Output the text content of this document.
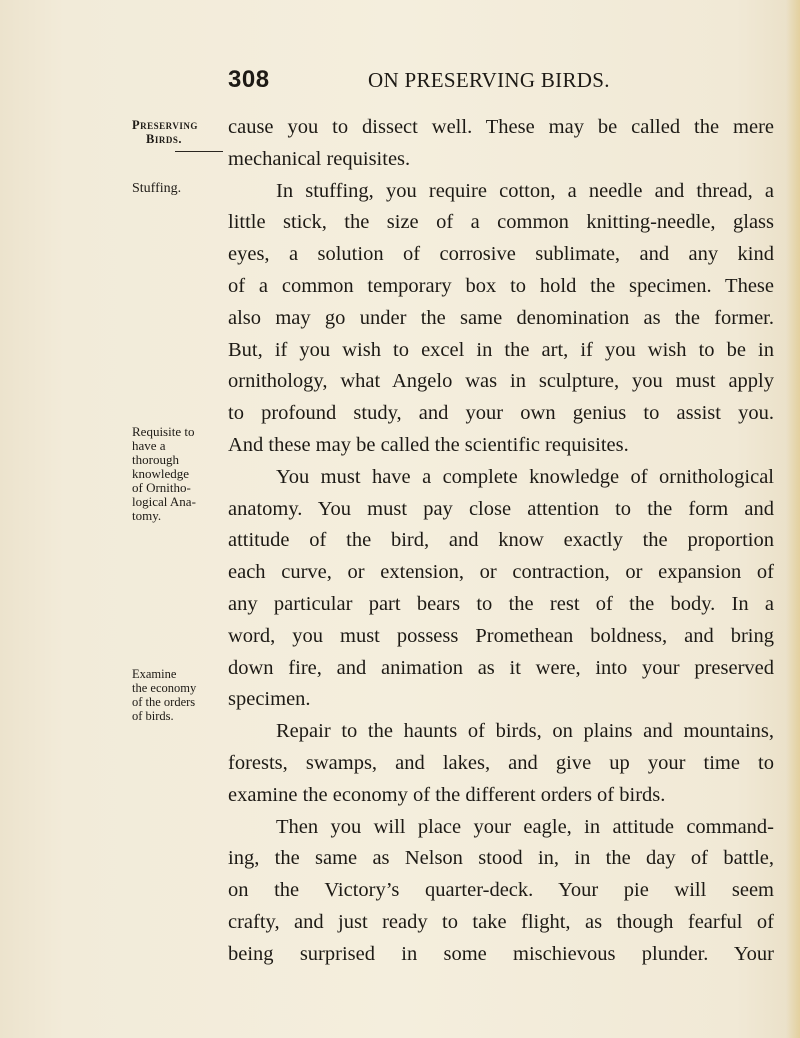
308	ON PRESERVING BIRDS.
Preserving
Birds.
Stuffing.
Requisite to
have a
thorough
knowledge
of Ornitho-
logical Ana-
tomy.
Examine
the economy
of the orders
of birds.
cause you to dissect well. These may be called the mere
mechanical requisites.
In stuffing, you require cotton, a needle and thread, a
little stick, the size of a common knitting-needle, glass
eyes, a solution of corrosive sublimate, and any kind
of a common temporary box to hold the specimen. These
also may go under the same denomination as the former.
But, if you wish to excel in the art, if you wish to be in
ornithology, what Angelo was in sculpture, you must apply
to profound study, and your own genius to assist you.
And these may be called the scientific requisites.
You must have a complete knowledge of ornithological
anatomy. You must pay close attention to the form and
attitude of the bird, and know exactly the proportion
each curve, or extension, or contraction, or expansion of
any particular part bears to the rest of the body. In a
word, you must possess Promethean boldness, and bring
down fire, and animation as it were, into your preserved
specimen.
Repair to the haunts of birds, on plains and mountains,
forests, swamps, and lakes, and give up your time to
examine the economy of the different orders of birds.
Then you will place your eagle, in attitude command-
ing, the same as Nelson stood in, in the day of battle,
on the Victory’s quarter-deck. Your pie will seem
crafty, and just ready to take flight, as though fearful of
being surprised in some mischievous plunder. Your
